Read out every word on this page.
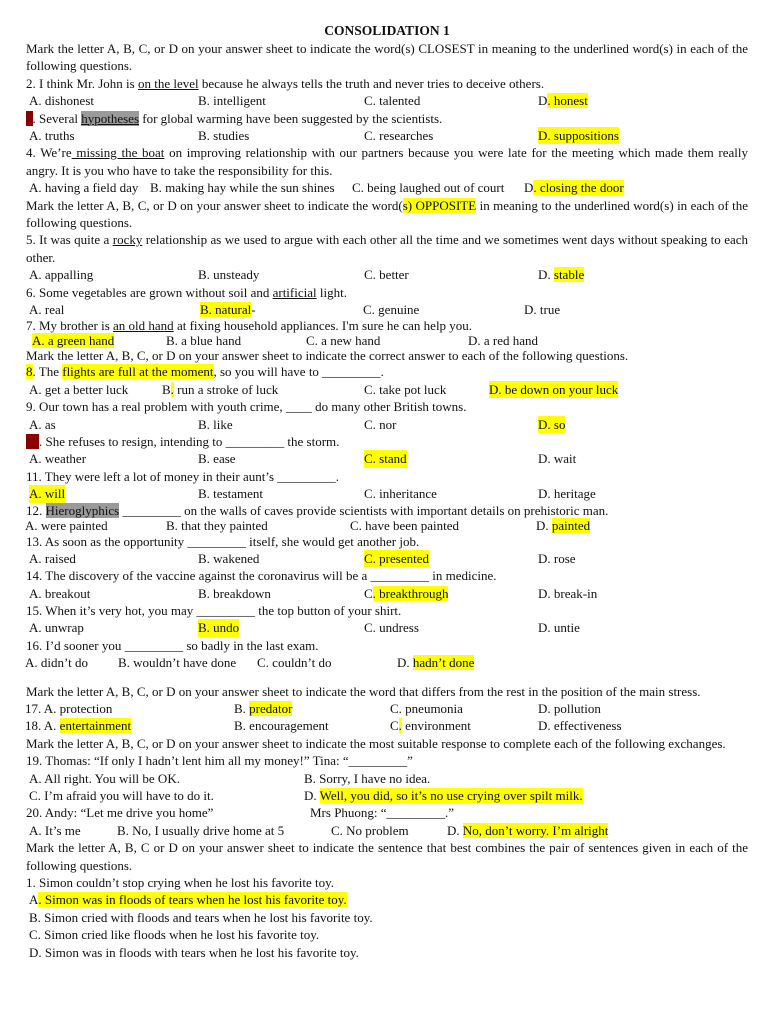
CONSOLIDATION 1
Mark the letter A, B, C, or D on your answer sheet to indicate the word(s) CLOSEST in meaning to the underlined word(s) in each of the following questions.
2. I think Mr. John is on the level because he always tells the truth and never tries to deceive others.
A. dishonest	B. intelligent	C. talented	D. honest
3. Several hypotheses for global warming have been suggested by the scientists.
A. truths	B. studies	C. researches	D. suppositions
4. We’re missing the boat on improving relationship with our partners because you were late for the meeting which made them really angry. It is you who have to take the responsibility for this.
A. having a field day B. making hay while the sun shines C. being laughed out of court D. closing the door
Mark the letter A, B, C, or D on your answer sheet to indicate the word(s) OPPOSITE in meaning to the underlined word(s) in each of the following questions.
5. It was quite a rocky relationship as we used to argue with each other all the time and we sometimes went days without speaking to each other.
A. appalling	B. unsteady	C. better	D. stable
6. Some vegetables are grown without soil and artificial light.
A. real	B. natural-	C. genuine	D. true
7. My brother is an old hand at fixing household appliances. I'm sure he can help you.
A. a green hand	B. a blue hand	C. a new hand	D. a red hand
Mark the letter A, B, C, or D on your answer sheet to indicate the correct answer to each of the following questions.
8. The flights are full at the moment, so you will have to _________.
A. get a better luck	B. run a stroke of luck	C. take pot luck	D. be down on your luck
9. Our town has a real problem with youth crime, ____ do many other British towns.
A. as	B. like	C. nor	D. so
10. She refuses to resign, intending to _________ the storm.
A. weather	B. ease	C. stand	D. wait
11. They were left a lot of money in their aunt’s _________.
A. will	B. testament	C. inheritance	D. heritage
12. Hieroglyphics _________ on the walls of caves provide scientists with important details on prehistoric man.
A. were painted	B. that they painted	C. have been painted	D. painted
13. As soon as the opportunity _________ itself, she would get another job.
A. raised	B. wakened	C. presented	D. rose
14. The discovery of the vaccine against the coronavirus will be a _________ in medicine.
A. breakout	B. breakdown	C. breakthrough	D. break-in
15. When it’s very hot, you may _________ the top button of your shirt.
A. unwrap	B. undo	C. undress	D. untie
16. I’d sooner you _________ so badly in the last exam.
A. didn’t do B. wouldn’t have done C. couldn’t do	D. hadn’t done
Mark the letter A, B, C, or D on your answer sheet to indicate the word that differs from the rest in the position of the main stress.
17. A. protection	B. predator	C. pneumonia	D. pollution
18. A. entertainment	B. encouragement	C. environment	D. effectiveness
Mark the letter A, B, C, or D on your answer sheet to indicate the most suitable response to complete each of the following exchanges.
19. Thomas: “If only I hadn’t lent him all my money!” Tina: “_________”
A. All right. You will be OK.	B. Sorry, I have no idea.
C. I’m afraid you will have to do it.	D. Well, you did, so it’s no use crying over spilt milk.
20. Andy: “Let me drive you home”	Mrs Phuong: “_________.”
A. It’s me	B. No, I usually drive home at 5	C. No problem	D. No, don’t worry. I’m alright
Mark the letter A, B, C or D on your answer sheet to indicate the sentence that best combines the pair of sentences given in each of the following questions.
1. Simon couldn’t stop crying when he lost his favorite toy.
A. Simon was in floods of tears when he lost his favorite toy.
B. Simon cried with floods and tears when he lost his favorite toy.
C. Simon cried like floods when he lost his favorite toy.
D. Simon was in floods with tears when he lost his favorite toy.
